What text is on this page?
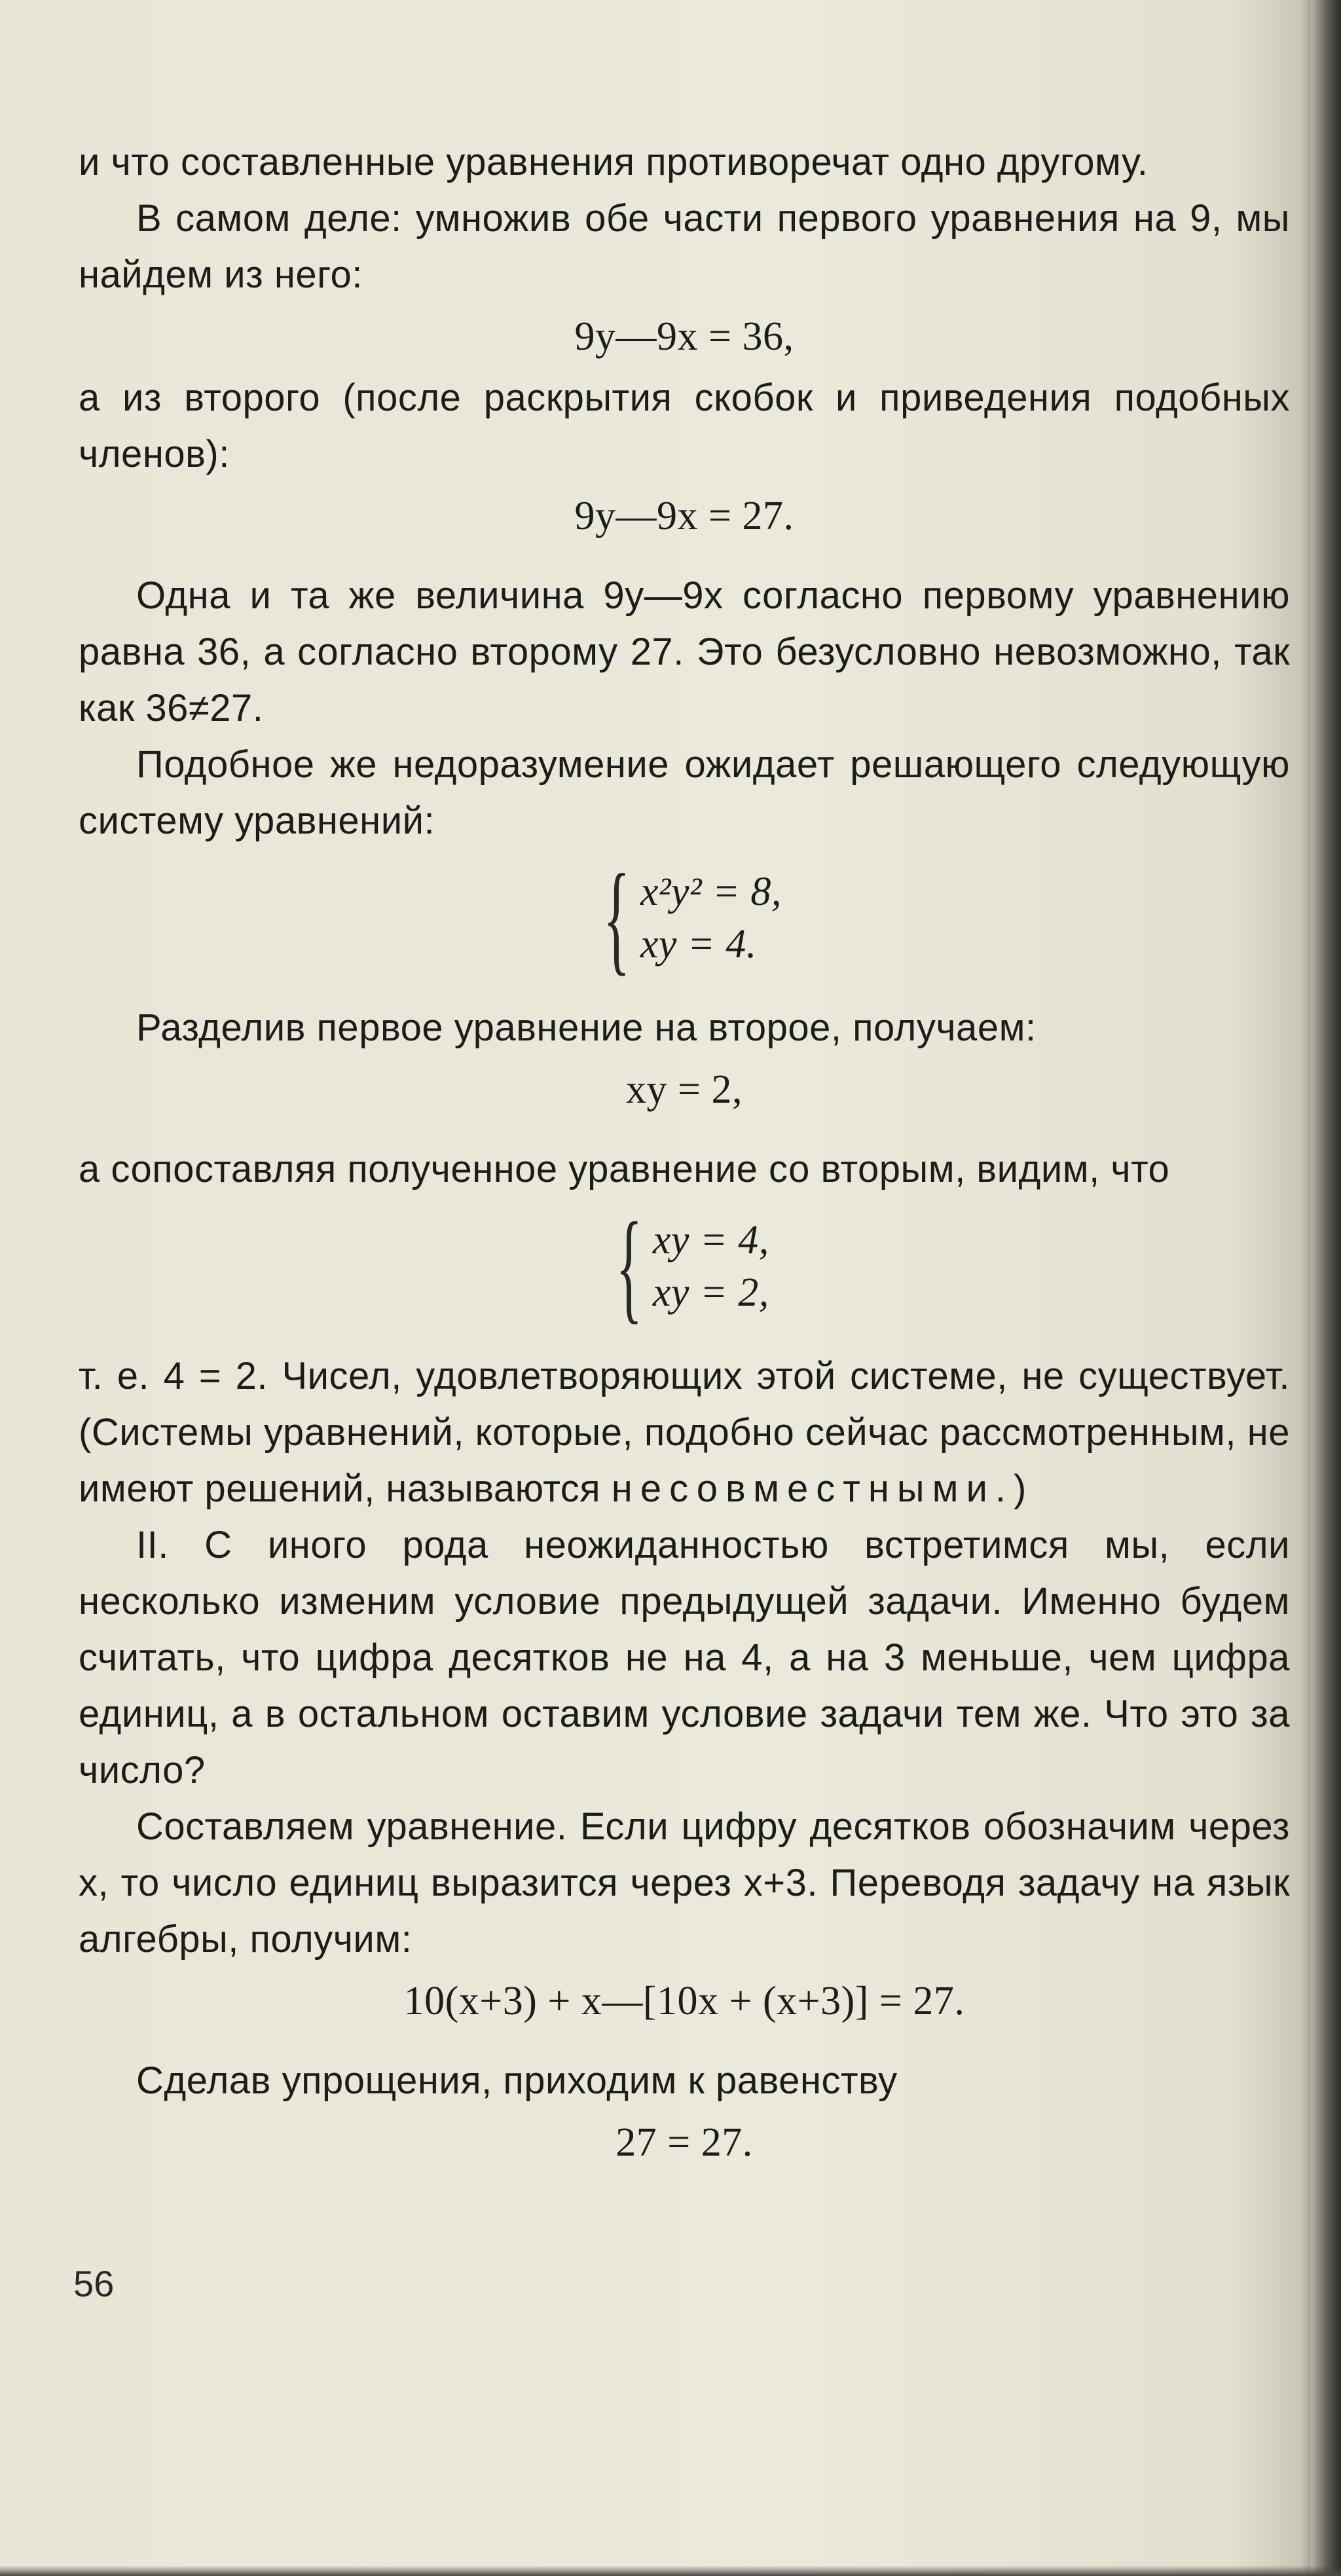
и что составленные уравнения противоречат одно другому.

В самом деле: умножив обе части первого уравнения на 9, мы найдем из него:

9y—9x = 36,

а из второго (после раскрытия скобок и приведения подобных членов):

9y—9x = 27.

Одна и та же величина 9y—9x согласно первому уравнению равна 36, а согласно второму 27. Это безусловно невозможно, так как 36≠27.

Подобное же недоразумение ожидает решающего следующую систему уравнений:

{ x²y² = 8,
xy = 4.

Разделив первое уравнение на второе, получаем:

xy = 2,

а сопоставляя полученное уравнение со вторым, видим, что

{ xy = 4,
xy = 2,

т. е. 4 = 2. Чисел, удовлетворяющих этой системе, не существует. (Системы уравнений, которые, подобно сейчас рассмотренным, не имеют решений, называются несовместными.)

II. С иного рода неожиданностью встретимся мы, если несколько изменим условие предыдущей задачи. Именно будем считать, что цифра десятков не на 4, а на 3 меньше, чем цифра единиц, а в остальном оставим условие задачи тем же. Что это за число?

Составляем уравнение. Если цифру десятков обозначим через x, то число единиц выразится через x+3. Переводя задачу на язык алгебры, получим:

10(x+3) + x—[10x + (x+3)] = 27.

Сделав упрощения, приходим к равенству

27 = 27.
56
